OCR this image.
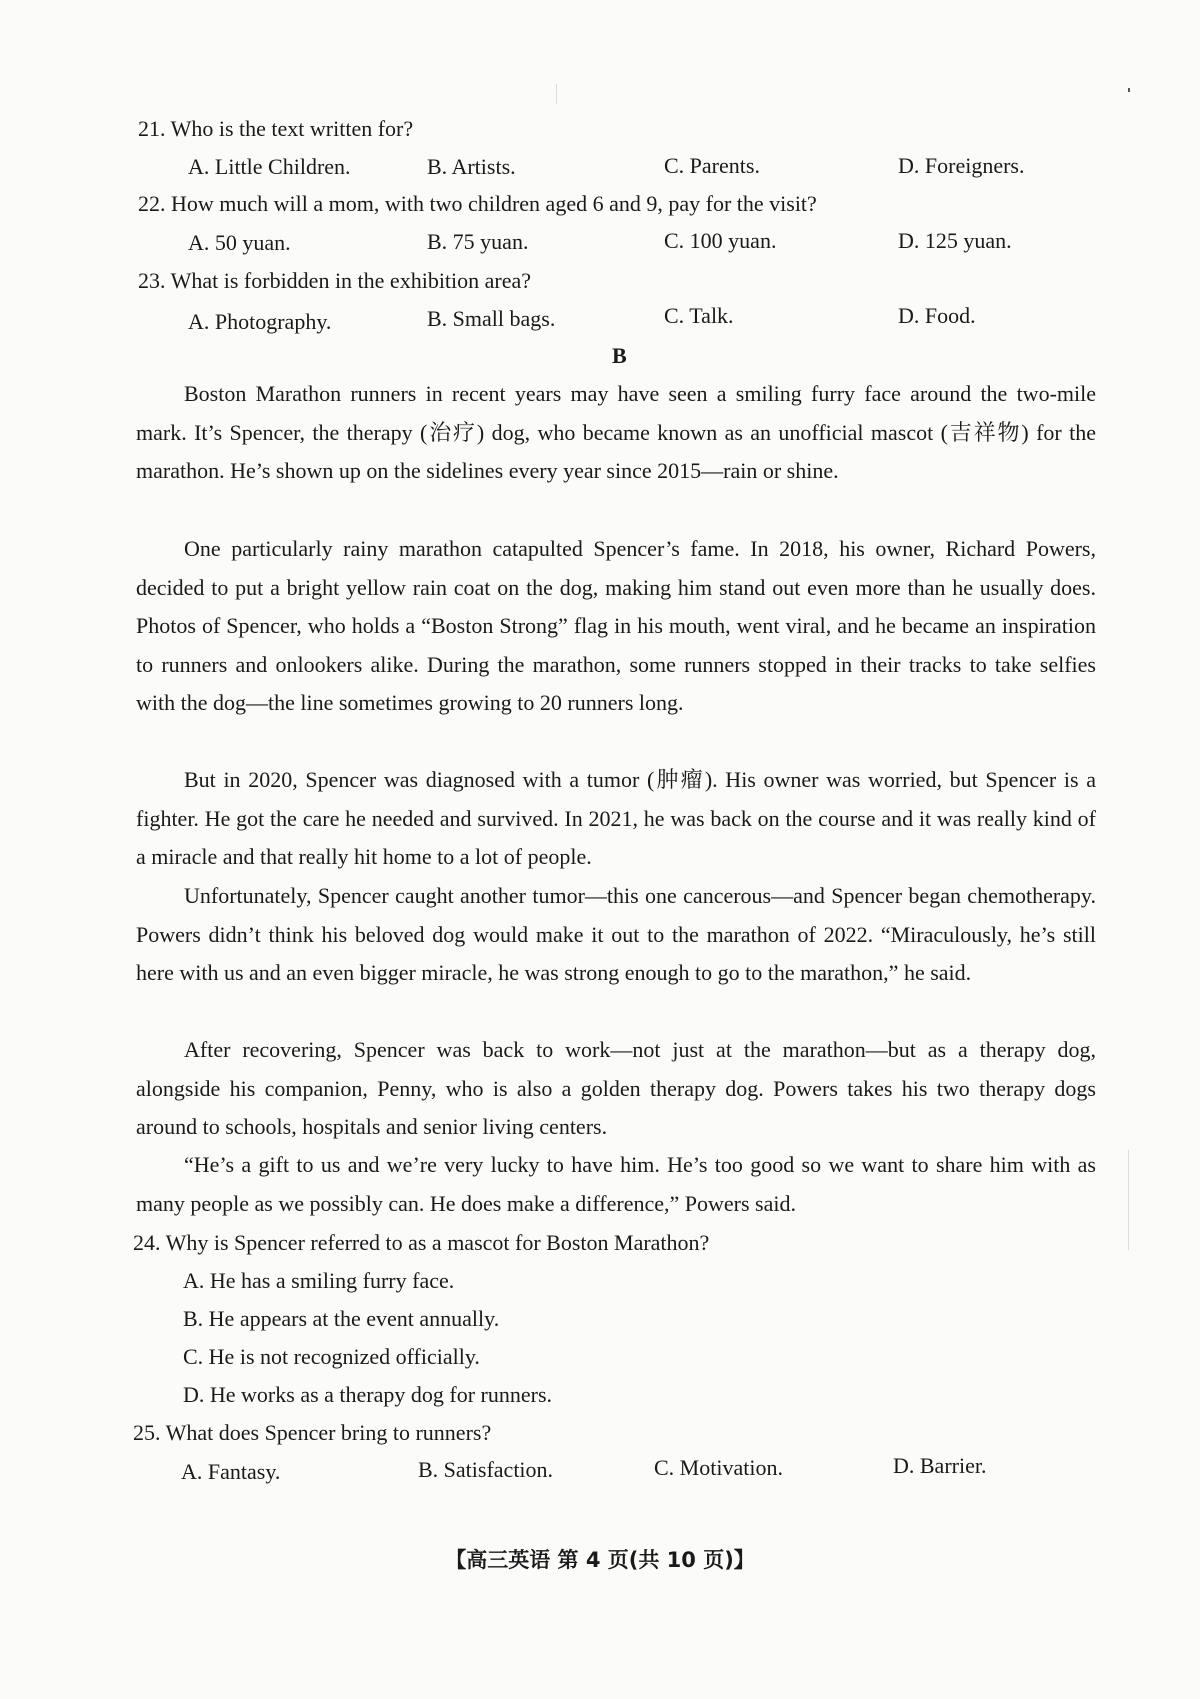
21. Who is the text written for?
A. Little Children.	B. Artists.	C. Parents.	D. Foreigners.
22. How much will a mom, with two children aged 6 and 9, pay for the visit?
A. 50 yuan.	B. 75 yuan.	C. 100 yuan.	D. 125 yuan.
23. What is forbidden in the exhibition area?
A. Photography.	B. Small bags.	C. Talk.	D. Food.
B

Boston Marathon runners in recent years may have seen a smiling furry face around the two-mile mark. It’s Spencer, the therapy (治疗) dog, who became known as an unofficial mascot (吉祥物) for the marathon. He’s shown up on the sidelines every year since 2015—rain or shine.

One particularly rainy marathon catapulted Spencer’s fame. In 2018, his owner, Richard Powers, decided to put a bright yellow rain coat on the dog, making him stand out even more than he usually does. Photos of Spencer, who holds a “Boston Strong” flag in his mouth, went viral, and he became an inspiration to runners and onlookers alike. During the marathon, some runners stopped in their tracks to take selfies with the dog—the line sometimes growing to 20 runners long.

But in 2020, Spencer was diagnosed with a tumor (肿瘤). His owner was worried, but Spencer is a fighter. He got the care he needed and survived. In 2021, he was back on the course and it was really kind of a miracle and that really hit home to a lot of people.

Unfortunately, Spencer caught another tumor—this one cancerous—and Spencer began chemotherapy. Powers didn’t think his beloved dog would make it out to the marathon of 2022. “Miraculously, he’s still here with us and an even bigger miracle, he was strong enough to go to the marathon,” he said.

After recovering, Spencer was back to work—not just at the marathon—but as a therapy dog, alongside his companion, Penny, who is also a golden therapy dog. Powers takes his two therapy dogs around to schools, hospitals and senior living centers.

“He’s a gift to us and we’re very lucky to have him. He’s too good so we want to share him with as many people as we possibly can. He does make a difference,” Powers said.

24. Why is Spencer referred to as a mascot for Boston Marathon?
A. He has a smiling furry face.
B. He appears at the event annually.
C. He is not recognized officially.
D. He works as a therapy dog for runners.
25. What does Spencer bring to runners?
A. Fantasy.	B. Satisfaction.	C. Motivation.	D. Barrier.
【高三英语 第 4 页(共 10 页)】
